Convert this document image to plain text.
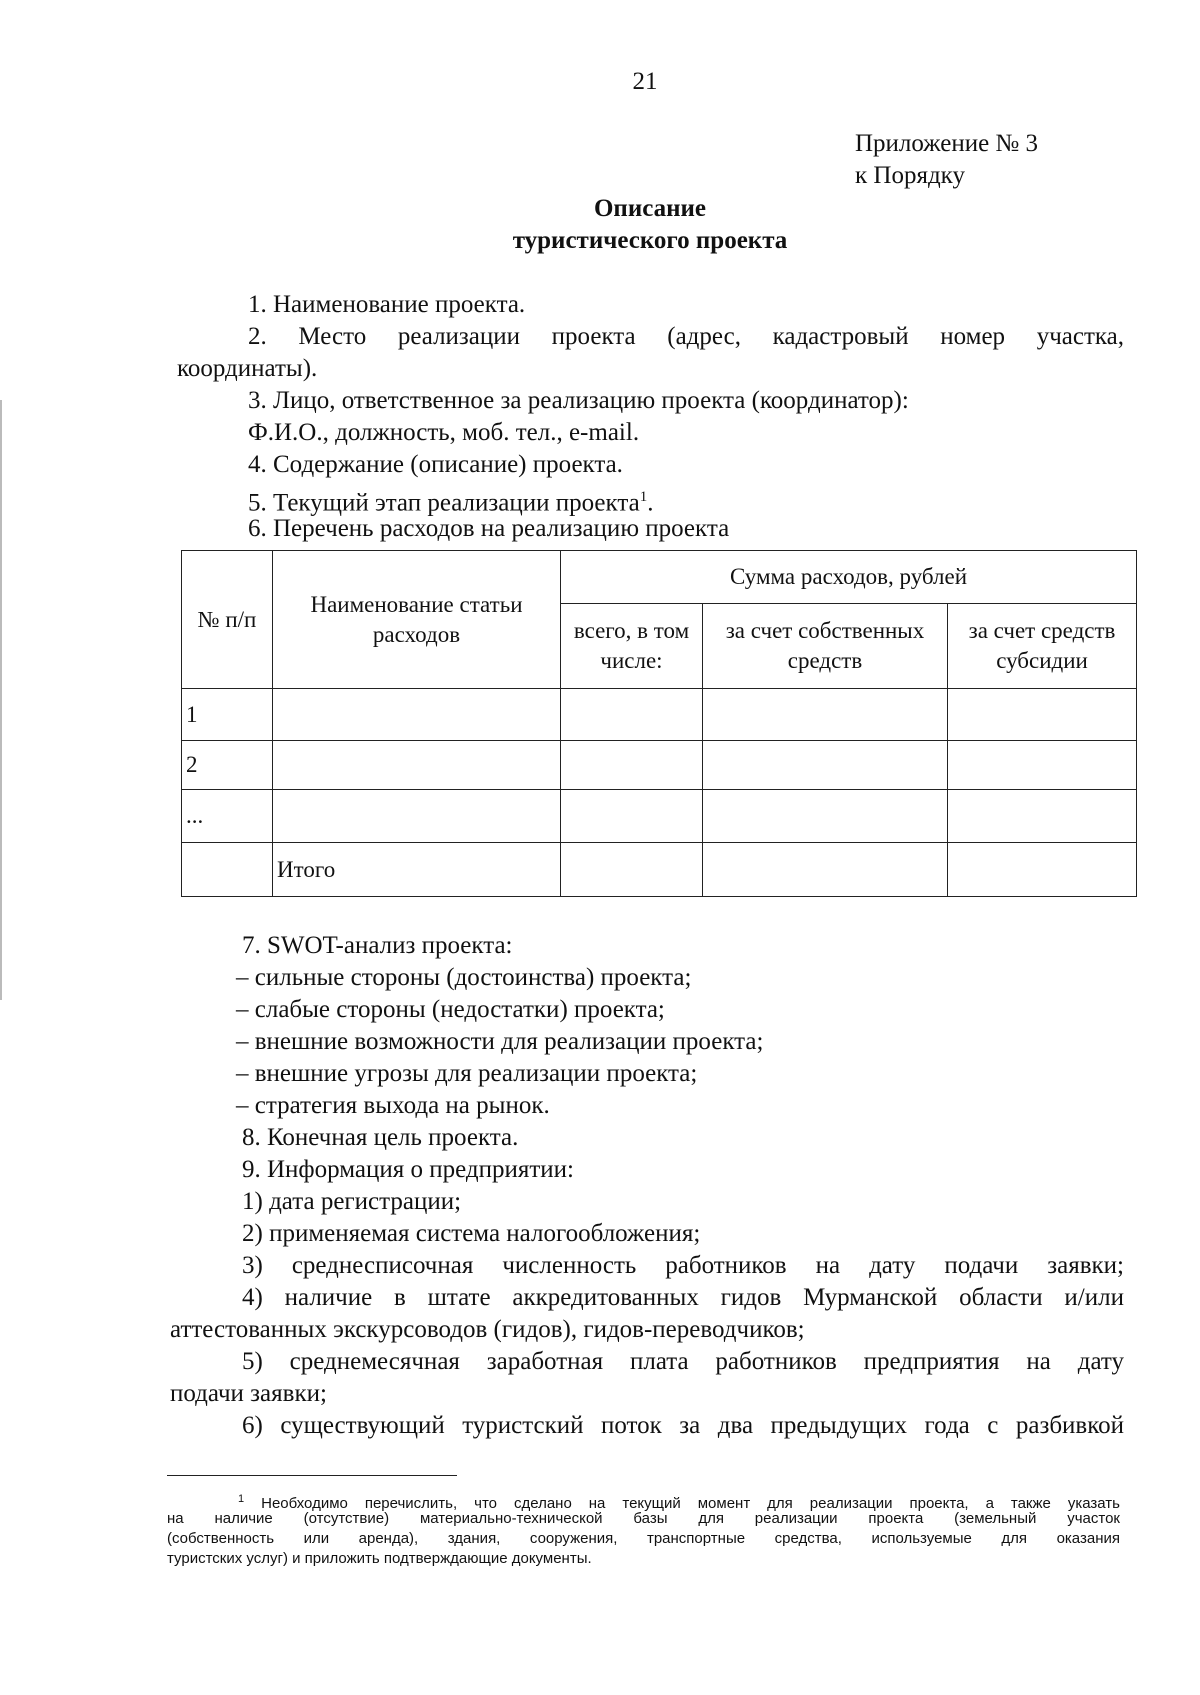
21
Приложение № 3
к Порядку
Описание
туристического проекта
1. Наименование проекта.
2. Место реализации проекта (адрес, кадастровый номер участка,
координаты).
3. Лицо, ответственное за реализацию проекта (координатор):
Ф.И.О., должность, моб. тел., e-mail.
4. Содержание (описание) проекта.
5. Текущий этап реализации проекта$^1$.
6. Перечень расходов на реализацию проекта
№ п/п	Наименование статьи расходов	Сумма расходов, рублей		
		всего, в том числе:	за счет собственных средств	за счет средств субсидии
1				
2				
...				
	Итого			
7. SWOT-анализ проекта:
– сильные стороны (достоинства) проекта;
– слабые стороны (недостатки) проекта;
– внешние возможности для реализации проекта;
– внешние угрозы для реализации проекта;
– стратегия выхода на рынок.
8. Конечная цель проекта.
9. Информация о предприятии:
1) дата регистрации;
2) применяемая система налогообложения;
3) среднесписочная численность работников на дату подачи заявки;
4) наличие в штате аккредитованных гидов Мурманской области и/или
аттестованных экскурсоводов (гидов), гидов-переводчиков;
5) среднемесячная заработная плата работников предприятия на дату
подачи заявки;
6) существующий туристский поток за два предыдущих года с разбивкой
$^1$ Необходимо перечислить, что сделано на текущий момент для реализации проекта, а также указать
на наличие (отсутствие) материально-технической базы для реализации проекта (земельный участок
(собственность или аренда), здания, сооружения, транспортные средства, используемые для оказания
туристских услуг) и приложить подтверждающие документы.
